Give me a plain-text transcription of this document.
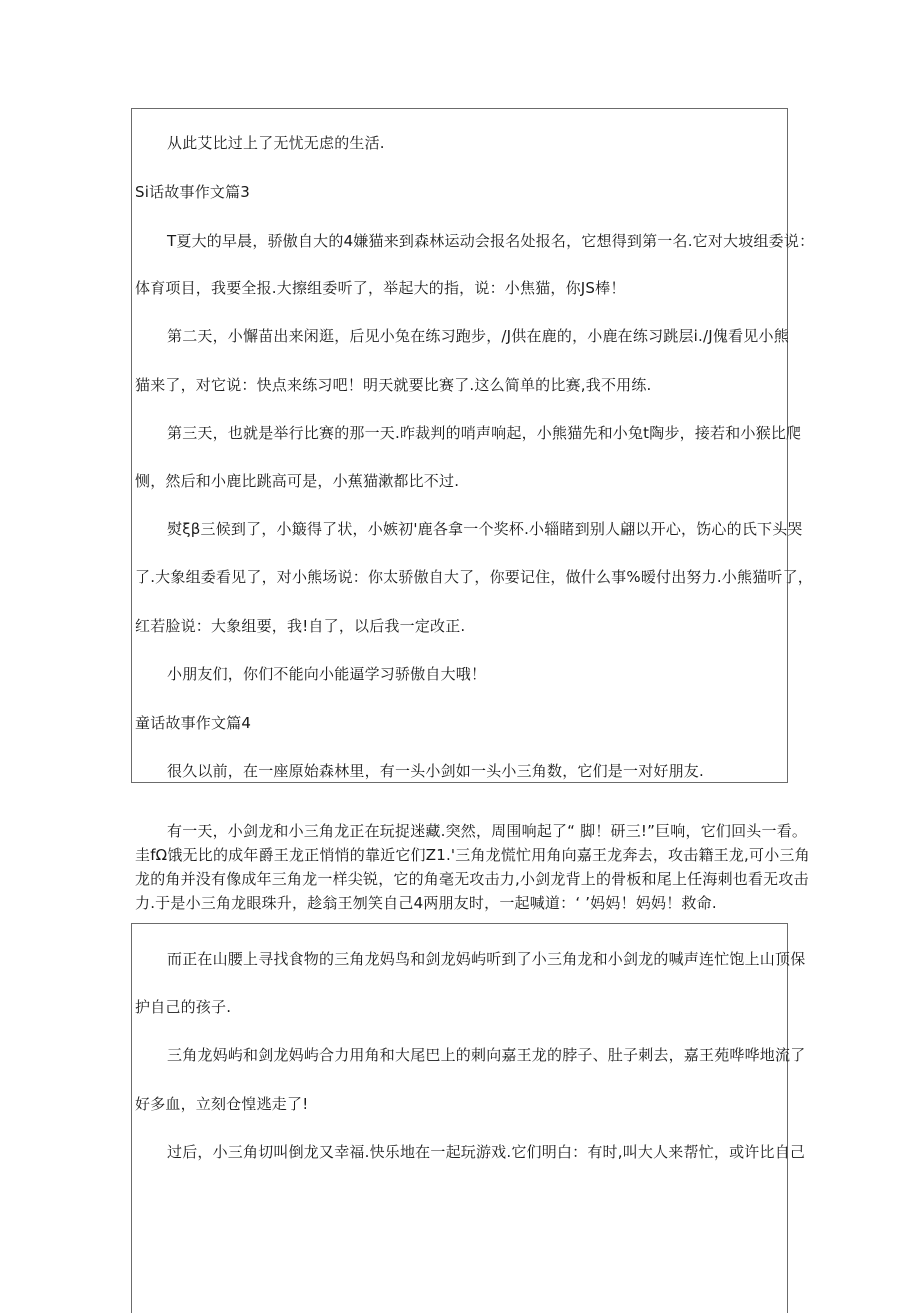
从此艾比过上了无忧无虑的生活.
Si话故事作文篇3
T夏大的早晨，骄傲自大的4嫌猫来到森林运动会报名处报名，它想得到第一名.它对大坡组委说：
体育项目，我要全报.大擦组委听了，举起大的指，说：小焦猫，你JS棒！
第二天，小懈苗出来闲逛，后见小兔在练习跑步，/J供在鹿的，小鹿在练习跳层i./J傀看见小熊
猫来了，对它说：快点来练习吧！明天就要比赛了.这么简单的比赛,我不用练.
第三天，也就是举行比赛的那一天.昨裁判的哨声响起，小熊猫先和小兔t陶步，接若和小猴比爬
恻，然后和小鹿比跳高可是，小蕉猫漱都比不过.
熨ξβ三候到了，小簸得了状，小嫉初'鹿各拿一个奖杯.小辎睹到别人翩以开心，饬心的氏下头哭
了.大象组委看见了，对小熊场说：你太骄傲自大了，你要记住，做什么事%暧付出努力.小熊猫听了，
红若脸说：大象组要，我!自了，以后我一定改正.
小朋友们，你们不能向小能逼学习骄傲自大哦！
童话故事作文篇4
很久以前，在一座原始森林里，有一头小剑如一头小三角数，它们是一对好朋友.
有一天，小剑龙和小三角龙正在玩捉迷藏.突然，周围响起了“ 脚！研三!”巨响，它们回头一看。
圭fΩ饿无比的成年爵王龙正悄悄的靠近它们Z1.'三角龙慌忙用角向嘉王龙奔去，攻击籍王龙,可小三角
龙的角并没有像成年三角龙一样尖锐，它的角毫无攻击力,小剑龙背上的骨板和尾上任海刺也看无攻击
力.于是小三角龙眼珠升，趁翁王刎笑自己4两朋友时，一起喊道：‘ ’妈妈！妈妈！救命.
而正在山腰上寻找食物的三角龙妈鸟和剑龙妈屿听到了小三角龙和小剑龙的喊声连忙饱上山顶保
护自己的孩子.
三角龙妈屿和剑龙妈屿合力用角和大尾巴上的刺向嘉王龙的脖子、肚子刺去，嘉王苑哗哗地流了
好多血，立刻仓惶逃走了!
过后，小三角切叫倒龙又幸福.快乐地在一起玩游戏.它们明白：有时,叫大人来帮忙，或许比自己
